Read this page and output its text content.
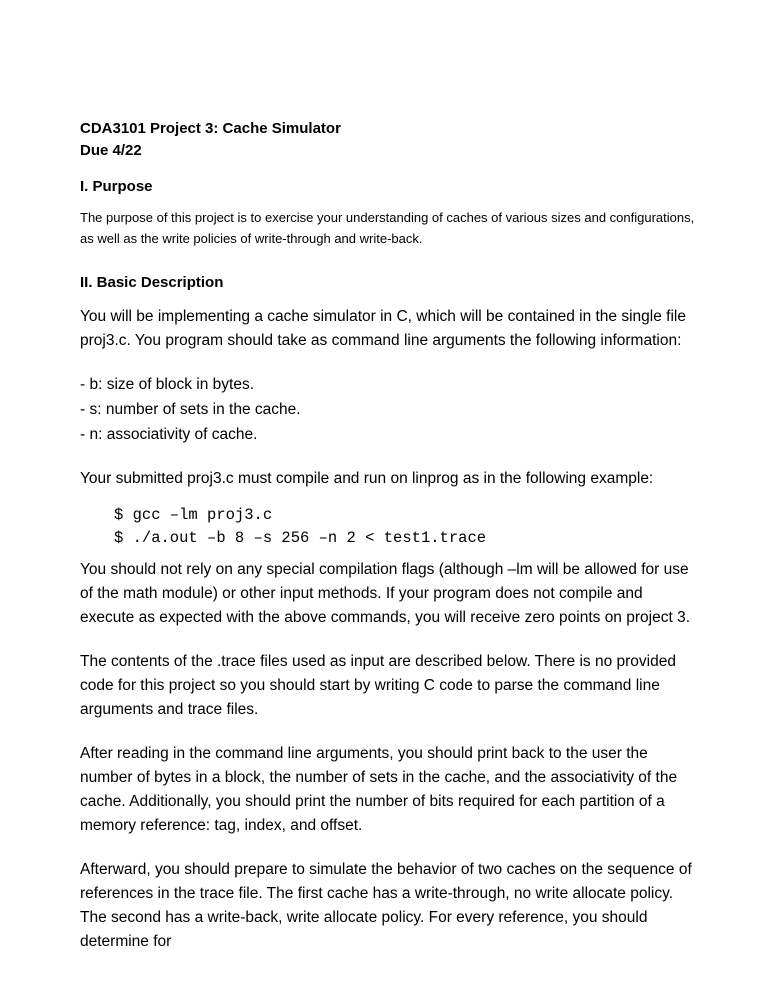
CDA3101 Project 3: Cache Simulator

Due 4/22

I. Purpose

The purpose of this project is to exercise your understanding of caches of various sizes and configurations, as well as the write policies of write-through and write-back.

II. Basic Description

You will be implementing a cache simulator in C, which will be contained in the single file proj3.c. You program should take as command line arguments the following information:

- b: size of block in bytes.

- s: number of sets in the cache.

- n: associativity of cache.

Your submitted proj3.c must compile and run on linprog as in the following example:

$ gcc –lm proj3.c

$ ./a.out –b 8 –s 256 –n 2 < test1.trace

You should not rely on any special compilation flags (although –lm will be allowed for use of the math module) or other input methods. If your program does not compile and execute as expected with the above commands, you will receive zero points on project 3.

The contents of the .trace files used as input are described below. There is no provided code for this project so you should start by writing C code to parse the command line arguments and trace files.

After reading in the command line arguments, you should print back to the user the number of bytes in a block, the number of sets in the cache, and the associativity of the cache. Additionally, you should print the number of bits required for each partition of a memory reference: tag, index, and offset.

Afterward, you should prepare to simulate the behavior of two caches on the sequence of references in the trace file. The first cache has a write-through, no write allocate policy. The second has a write-back, write allocate policy. For every reference, you should determine for
